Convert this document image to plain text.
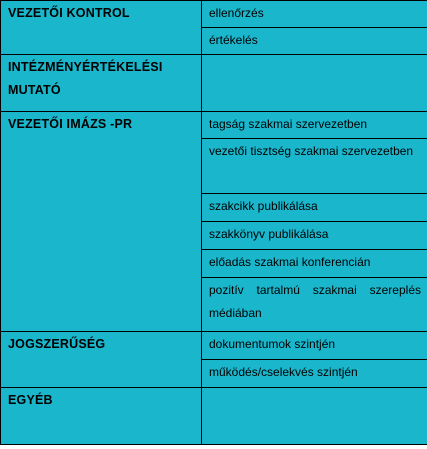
VEZETŐI KONTROL	ellenőrzés

	értékelés

INTÉZMÉNYÉRTÉKELÉSI MUTATÓ	

VEZETŐI IMÁZS -PR	tagság szakmai szervezetben

	vezetői tisztség szakmai szervezetben

	szakcikk publikálása

	szakkönyv publikálása

	előadás szakmai konferencián

	pozitív tartalmú szakmai szereplés médiában

JOGSZERŰSÉG	dokumentumok szintjén

	működés/cselekvés szintjén

EGYÉB	
